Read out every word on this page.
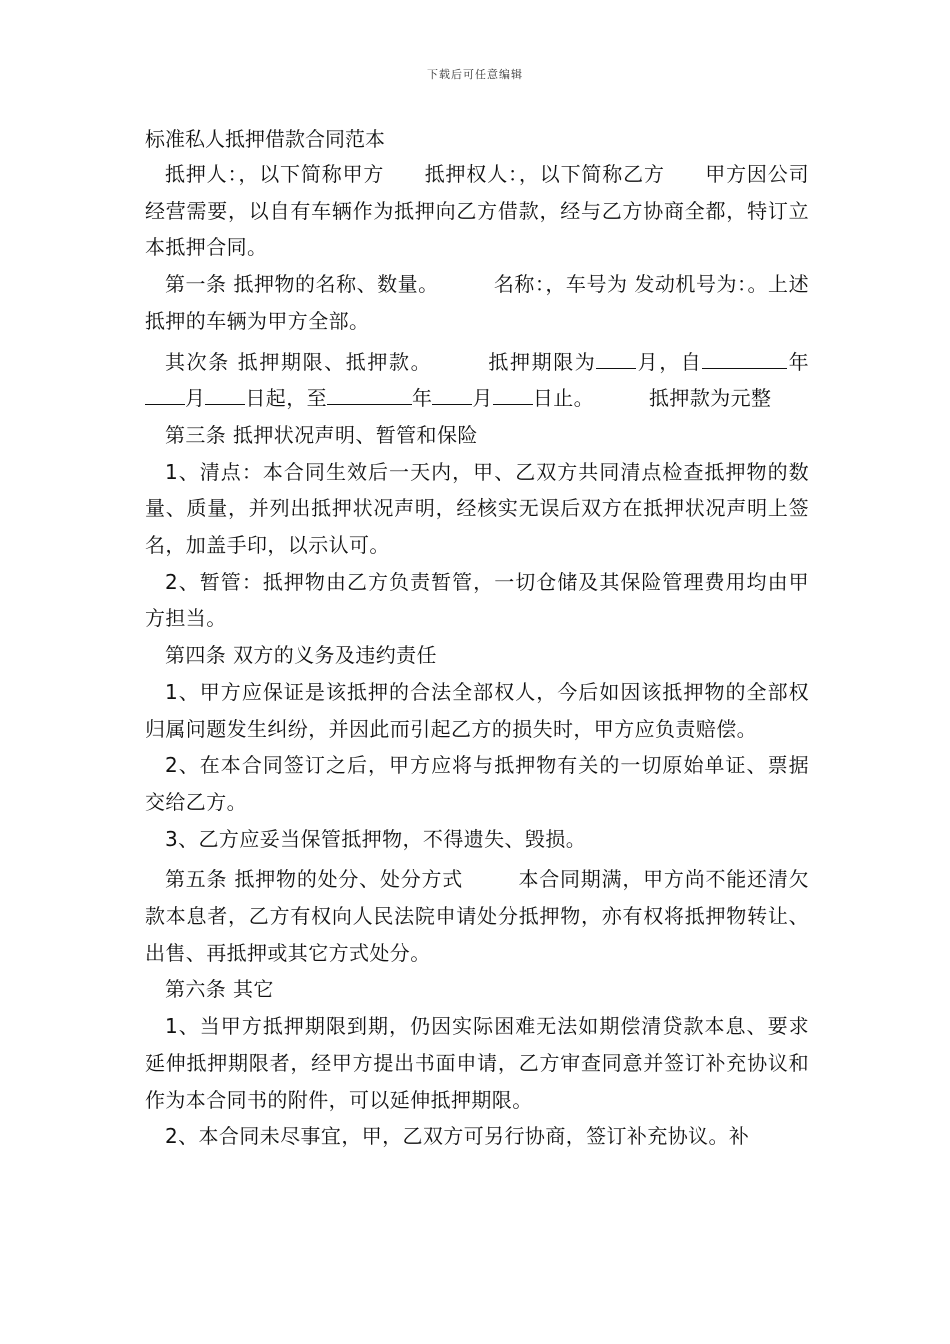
下载后可任意编辑
标准私人抵押借款合同范本

抵押人：，以下简称甲方 抵押权人：，以下简称乙方 甲方因公司经营需要，以自有车辆作为抵押向乙方借款，经与乙方协商全都，特订立本抵押合同。

第一条 抵押物的名称、数量。	名称：，车号为 发动机号为：。上述抵押的车辆为甲方全部。

其次条 抵押期限、抵押款。	抵押期限为 月，自	年月 日起，至	年 月 日止。	抵押款为元整

第三条 抵押状况声明、暂管和保险

1、清点：本合同生效后一天内，甲、乙双方共同清点检查抵押物的数量、质量，并列出抵押状况声明，经核实无误后双方在抵押状况声明上签名，加盖手印，以示认可。

2、暂管：抵押物由乙方负责暂管，一切仓储及其保险管理费用均由甲方担当。

第四条 双方的义务及违约责任

1、甲方应保证是该抵押的合法全部权人，今后如因该抵押物的全部权归属问题发生纠纷，并因此而引起乙方的损失时，甲方应负责赔偿。

2、在本合同签订之后，甲方应将与抵押物有关的一切原始单证、票据交给乙方。

3、乙方应妥当保管抵押物，不得遗失、毁损。

第五条 抵押物的处分、处分方式	本合同期满，甲方尚不能还清欠款本息者，乙方有权向人民法院申请处分抵押物，亦有权将抵押物转让、出售、再抵押或其它方式处分。

第六条 其它

1、当甲方抵押期限到期，仍因实际困难无法如期偿清贷款本息、要求延伸抵押期限者，经甲方提出书面申请，乙方审查同意并签订补充协议和作为本合同书的附件，可以延伸抵押期限。

2、本合同未尽事宜，甲，乙双方可另行协商，签订补充协议。补
